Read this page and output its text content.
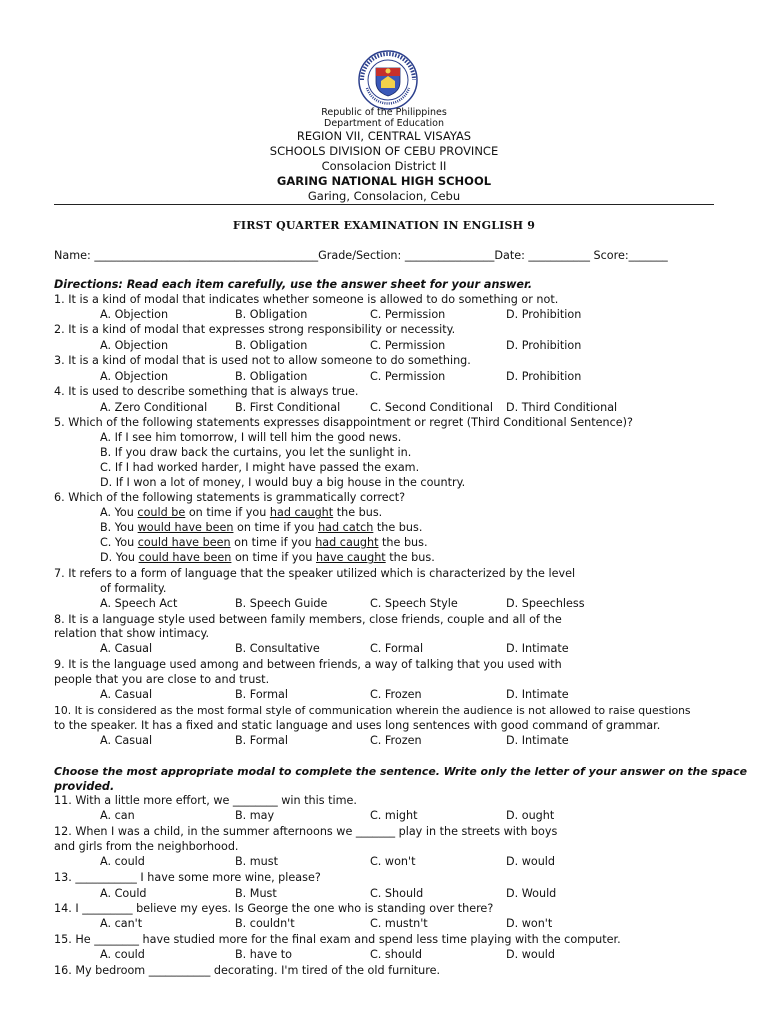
Republic of the Philippines
Department of Education
REGION VII, CENTRAL VISAYAS
SCHOOLS DIVISION OF CEBU PROVINCE
Consolacion District II
GARING NATIONAL HIGH SCHOOL
Garing, Consolacion, Cebu
FIRST QUARTER EXAMINATION IN ENGLISH 9
Name: ________________________________________Grade/Section: ________________Date: ___________ Score:_______
Directions: Read each item carefully, use the answer sheet for your answer.
1. It is a kind of modal that indicates whether someone is allowed to do something or not.
A. Objection	B. Obligation	C. Permission	D. Prohibition
2. It is a kind of modal that expresses strong responsibility or necessity.
A. Objection	B. Obligation	C. Permission	D. Prohibition
3. It is a kind of modal that is used not to allow someone to do something.
A. Objection	B. Obligation	C. Permission	D. Prohibition
4. It is used to describe something that is always true.
A. Zero Conditional B. First Conditional	C. Second Conditional D. Third Conditional
5. Which of the following statements expresses disappointment or regret (Third Conditional Sentence)?
A. If I see him tomorrow, I will tell him the good news.
B. If you draw back the curtains, you let the sunlight in.
C. If I had worked harder, I might have passed the exam.
D. If I won a lot of money, I would buy a big house in the country.
6. Which of the following statements is grammatically correct?
A. You could be on time if you had caught the bus.
B. You would have been on time if you had catch the bus.
C. You could have been on time if you had caught the bus.
D. You could have been on time if you have caught the bus.
7. It refers to a form of language that the speaker utilized which is characterized by the level
of formality.
A. Speech Act	B. Speech Guide	C. Speech Style	D. Speechless
8. It is a language style used between family members, close friends, couple and all of the
relation that show intimacy.
A. Casual	B. Consultative	C. Formal	D. Intimate
9. It is the language used among and between friends, a way of talking that you used with
people that you are close to and trust.
A. Casual	B. Formal	C. Frozen	D. Intimate
10. It is considered as the most formal style of communication wherein the audience is not allowed to raise questions
to the speaker. It has a fixed and static language and uses long sentences with good command of grammar.
A. Casual	B. Formal	C. Frozen	D. Intimate
Choose the most appropriate modal to complete the sentence. Write only the letter of your answer on the space
provided.
11. With a little more effort, we ________ win this time.
A. can	B. may	C. might	D. ought
12. When I was a child, in the summer afternoons we _______ play in the streets with boys
and girls from the neighborhood.
A. could	B. must	C. won't	D. would
13. ___________ I have some more wine, please?
A. Could	B. Must	C. Should	D. Would
14. I _________ believe my eyes. Is George the one who is standing over there?
A. can't	B. couldn't	C. mustn't	D. won't
15. He ________ have studied more for the final exam and spend less time playing with the computer.
A. could	B. have to	C. should	D. would
16. My bedroom ___________ decorating. I'm tired of the old furniture.
